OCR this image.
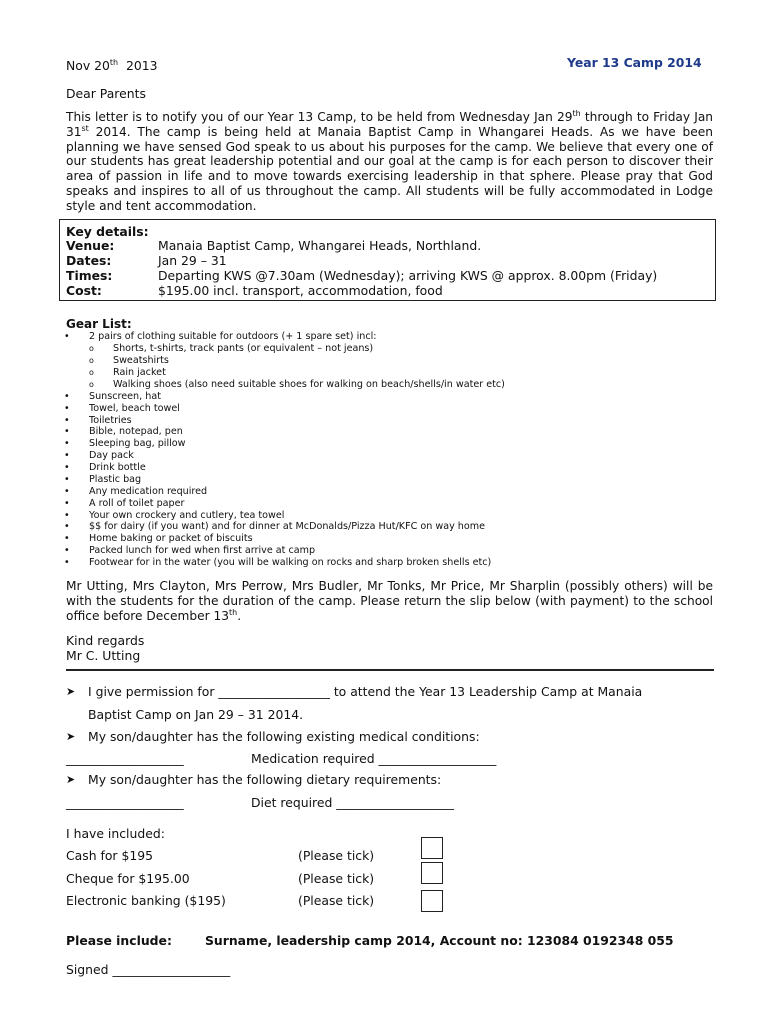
Nov 20th 2013	Year 13 Camp 2014
Dear Parents
This letter is to notify you of our Year 13 Camp, to be held from Wednesday Jan 29th through to Friday Jan 31st 2014. The camp is being held at Manaia Baptist Camp in Whangarei Heads. As we have been planning we have sensed God speak to us about his purposes for the camp. We believe that every one of our students has great leadership potential and our goal at the camp is for each person to discover their area of passion in life and to move towards exercising leadership in that sphere. Please pray that God speaks and inspires to all of us throughout the camp. All students will be fully accommodated in Lodge style and tent accommodation.
Key details:
Venue:	Manaia Baptist Camp, Whangarei Heads, Northland.
Dates:	Jan 29 – 31
Times:	Departing KWS @7.30am (Wednesday); arriving KWS @ approx. 8.00pm (Friday)
Cost:	$195.00 incl. transport, accommodation, food
Gear List:
• 2 pairs of clothing suitable for outdoors (+ 1 spare set) incl:
o Shorts, t-shirts, track pants (or equivalent – not jeans)
o Sweatshirts
o Rain jacket
o Walking shoes (also need suitable shoes for walking on beach/shells/in water etc)
• Sunscreen, hat
• Towel, beach towel
• Toiletries
• Bible, notepad, pen
• Sleeping bag, pillow
• Day pack
• Drink bottle
• Plastic bag
• Any medication required
• A roll of toilet paper
• Your own crockery and cutlery, tea towel
• $$ for dairy (if you want) and for dinner at McDonalds/Pizza Hut/KFC on way home
• Home baking or packet of biscuits
• Packed lunch for wed when first arrive at camp
• Footwear for in the water (you will be walking on rocks and sharp broken shells etc)
Mr Utting, Mrs Clayton, Mrs Perrow, Mrs Budler, Mr Tonks, Mr Price, Mr Sharplin (possibly others) will be with the students for the duration of the camp. Please return the slip below (with payment) to the school office before December 13th.
Kind regards
Mr C. Utting
➤ I give permission for __________________ to attend the Year 13 Leadership Camp at Manaia
Baptist Camp on Jan 29 – 31 2014.
➤ My son/daughter has the following existing medical conditions:
___________________	Medication required ___________________
➤ My son/daughter has the following dietary requirements:
___________________	Diet required ___________________
I have included:
Cash for $195	(Please tick)
Cheque for $195.00	(Please tick)
Electronic banking ($195)	(Please tick)
Please include:	Surname, leadership camp 2014, Account no: 123084 0192348 055
Signed ___________________
